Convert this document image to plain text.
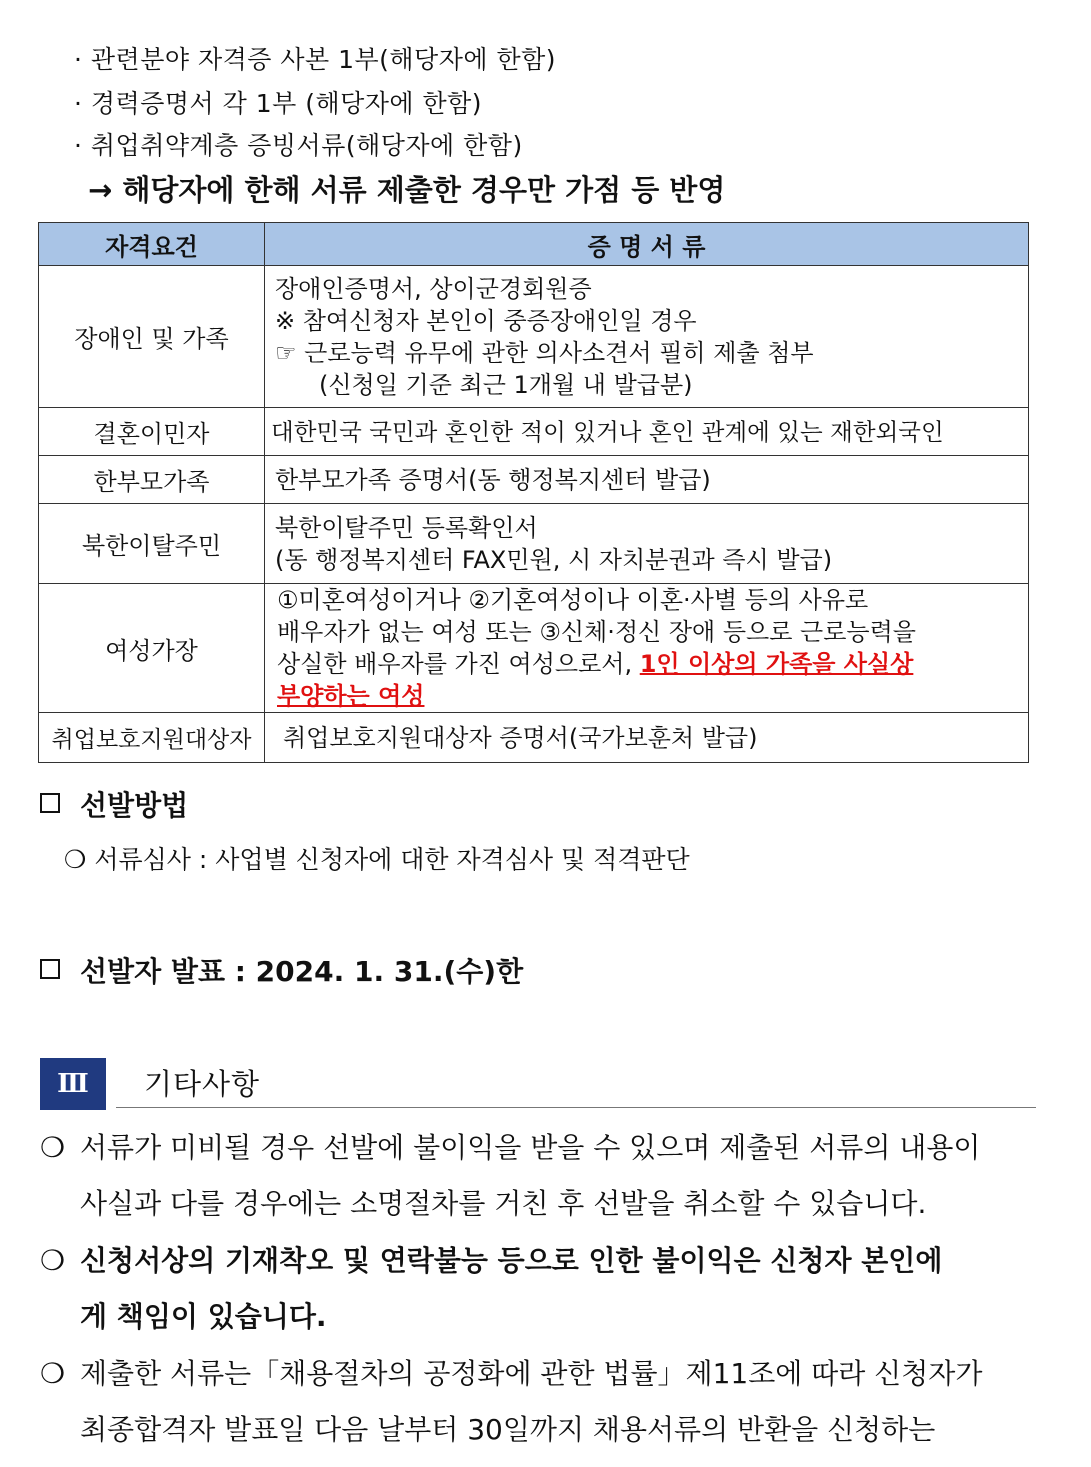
· 관련분야 자격증 사본 1부(해당자에 한함)
· 경력증명서 각 1부 (해당자에 한함)
· 취업취약계층 증빙서류(해당자에 한함)
→ 해당자에 한해 서류 제출한 경우만 가점 등 반영
자격요건	증 명 서 류
장애인 및 가족	장애인증명서, 상이군경회원증
※ 참여신청자 본인이 중증장애인일 경우
☞ 근로능력 유무에 관한 의사소견서 필히 제출 첨부
(신청일 기준 최근 1개월 내 발급분)

결혼이민자	대한민국 국민과 혼인한 적이 있거나 혼인 관계에 있는 재한외국인

한부모가족	한부모가족 증명서(동 행정복지센터 발급)

북한이탈주민	북한이탈주민 등록확인서
(동 행정복지센터 FAX민원, 시 자치분권과 즉시 발급)

여성가장	①미혼여성이거나 ②기혼여성이나 이혼·사별 등의 사유로
배우자가 없는 여성 또는 ③신체·정신 장애 등으로 근로능력을
상실한 배우자를 가진 여성으로서, 1인 이상의 가족을 사실상
부양하는 여성

취업보호지원대상자	취업보호지원대상자 증명서(국가보훈처 발급)
선발방법
❍ 서류심사 : 사업별 신청자에 대한 자격심사 및 적격판단
선발자 발표 : 2024. 1. 31.(수)한
Ⅲ	기타사항
❍ 서류가 미비될 경우 선발에 불이익을 받을 수 있으며 제출된 서류의 내용이
사실과 다를 경우에는 소명절차를 거친 후 선발을 취소할 수 있습니다.
❍ 신청서상의 기재착오 및 연락불능 등으로 인한 불이익은 신청자 본인에
게 책임이 있습니다.
❍ 제출한 서류는「채용절차의 공정화에 관한 법률」제11조에 따라 신청자가
최종합격자 발표일 다음 날부터 30일까지 채용서류의 반환을 신청하는
